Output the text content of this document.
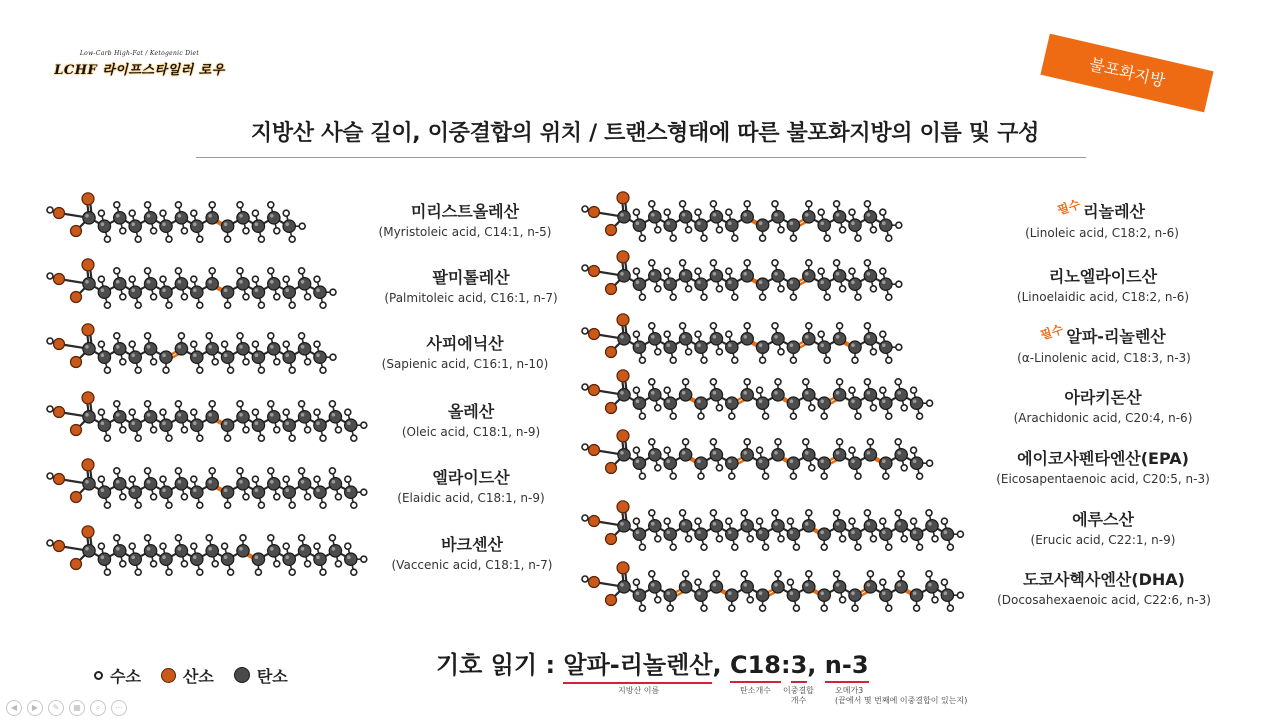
Low-Carb High-Fat / Ketogenic Diet
LCHF 라이프스타일러 로우	불포화지방
지방산 사슬 길이, 이중결합의 위치 / 트랜스형태에 따른 불포화지방의 이름 및 구성
미리스트올레산
(Myristoleic acid, C14:1, n-5)
팔미톨레산
(Palmitoleic acid, C16:1, n-7)
사피에닉산
(Sapienic acid, C16:1, n-10)
올레산
(Oleic acid, C18:1, n-9)
엘라이드산
(Elaidic acid, C18:1, n-9)
바크센산
(Vaccenic acid, C18:1, n-7)
필수리놀레산
(Linoleic acid, C18:2, n-6)
리노엘라이드산
(Linoelaidic acid, C18:2, n-6)
필수알파-리놀렌산
(α-Linolenic acid, C18:3, n-3)
아라키돈산
(Arachidonic acid, C20:4, n-6)
에이코사펜타엔산(EPA)
(Eicosapentaenoic acid, C20:5, n-3)
에루스산
(Erucic acid, C22:1, n-9)
도코사헥사엔산(DHA)
(Docosahexaenoic acid, C22:6, n-3)
수소	산소	탄소	기호 읽기 : 알파-리놀렌산, C18:3, n-3
지방산 이름	탄소개수 이중결합
개수
오메가3
(끝에서 몇 번째에 이중결합이 있는지)
◀	▶	✎	▦	⌕	⋯
